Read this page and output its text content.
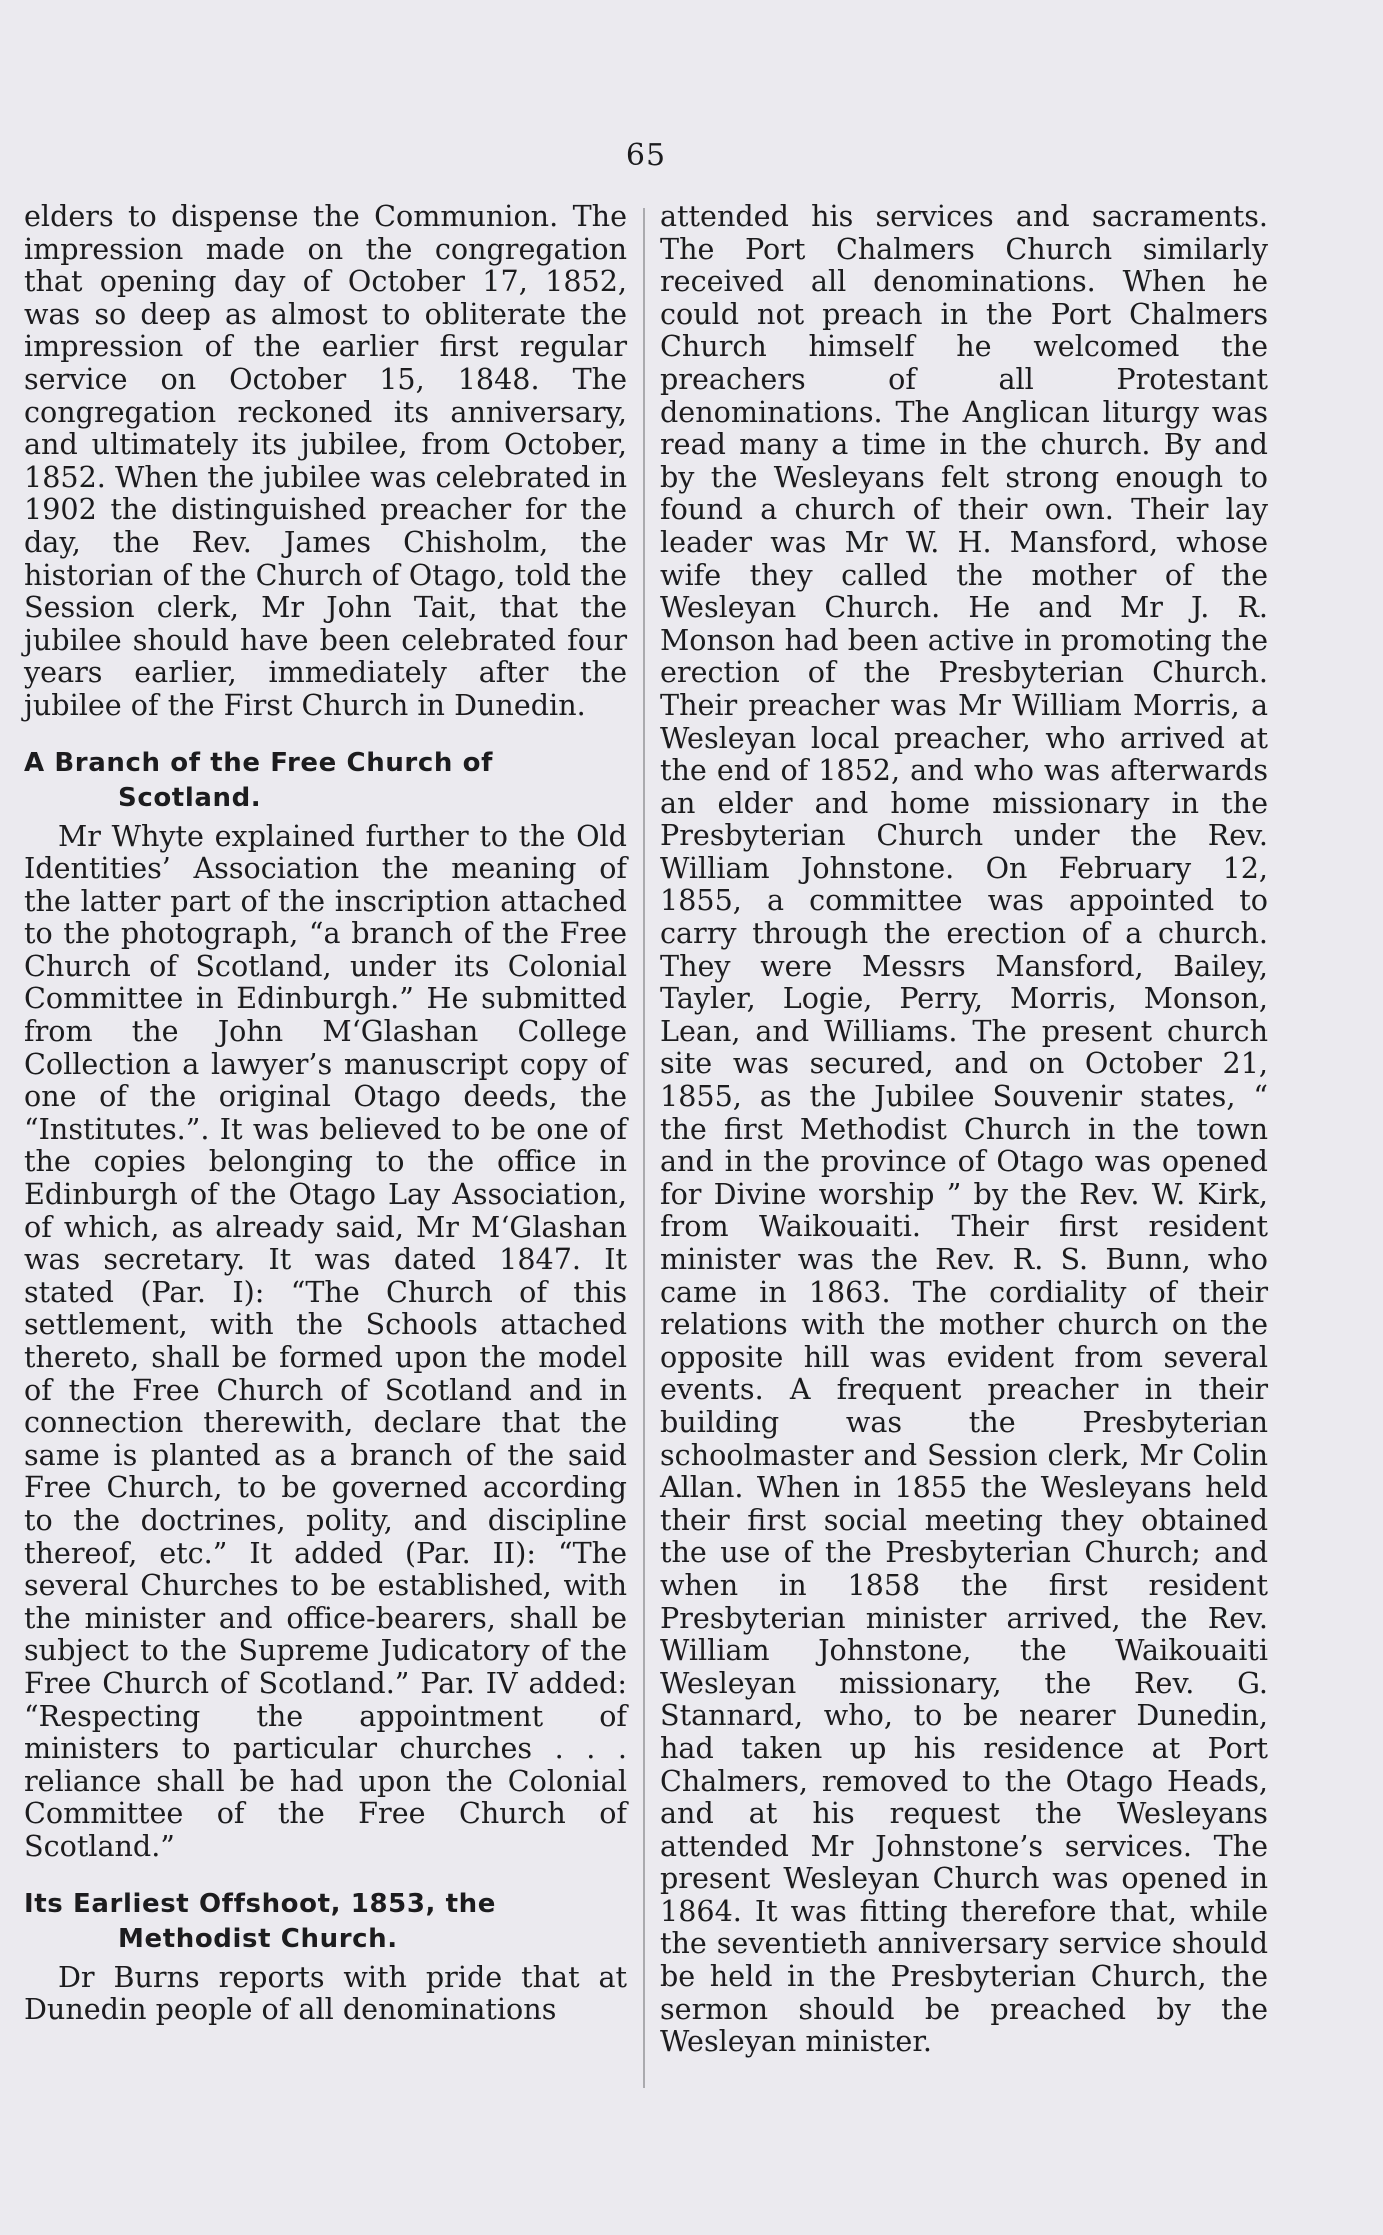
65

elders to dispense the Communion. The impression made on the congregation that opening day of October 17, 1852, was so deep as almost to obliterate the impression of the earlier first regular service on October 15, 1848. The congregation reckoned its anniversary, and ultimately its jubilee, from October, 1852. When the jubilee was celebrated in 1902 the distinguished preacher for the day, the Rev. James Chisholm, the historian of the Church of Otago, told the Session clerk, Mr John Tait, that the jubilee should have been celebrated four years earlier, immediately after the jubilee of the First Church in Dunedin.

A Branch of the Free Church of
Scotland.

Mr Whyte explained further to the Old Identities’ Association the meaning of the latter part of the inscription attached to the photograph, “a branch of the Free Church of Scotland, under its Colonial Committee in Edinburgh.” He submitted from the John M‘Glashan College Collection a lawyer’s manuscript copy of one of the original Otago deeds, the “Institutes.”. It was believed to be one of the copies belonging to the office in Edinburgh of the Otago Lay Association, of which, as already said, Mr M‘Glashan was secretary. It was dated 1847. It stated (Par. I): “The Church of this settlement, with the Schools attached thereto, shall be formed upon the model of the Free Church of Scotland and in connection therewith, declare that the same is planted as a branch of the said Free Church, to be governed according to the doctrines, polity, and discipline thereof, etc.” It added (Par. II): “The several Churches to be established, with the minister and office-bearers, shall be subject to the Supreme Judicatory of the Free Church of Scotland.” Par. IV added: “Respecting the appointment of ministers to particular churches . . . reliance shall be had upon the Colonial Committee of the Free Church of Scotland.”

Its Earliest Offshoot, 1853, the
Methodist Church.

Dr Burns reports with pride that at Dunedin people of all denominations

attended his services and sacraments. The Port Chalmers Church similarly received all denominations. When he could not preach in the Port Chalmers Church himself he welcomed the preachers of all Protestant denominations. The Anglican liturgy was read many a time in the church. By and by the Wesleyans felt strong enough to found a church of their own. Their lay leader was Mr W. H. Mansford, whose wife they called the mother of the Wesleyan Church. He and Mr J. R. Monson had been active in promoting the erection of the Presbyterian Church. Their preacher was Mr William Morris, a Wesleyan local preacher, who arrived at the end of 1852, and who was afterwards an elder and home missionary in the Presbyterian Church under the Rev. William Johnstone. On February 12, 1855, a committee was appointed to carry through the erection of a church. They were Messrs Mansford, Bailey, Tayler, Logie, Perry, Morris, Monson, Lean, and Williams. The present church site was secured, and on October 21, 1855, as the Jubilee Souvenir states, “ the first Methodist Church in the town and in the province of Otago was opened for Divine worship ” by the Rev. W. Kirk, from Waikouaiti. Their first resident minister was the Rev. R. S. Bunn, who came in 1863. The cordiality of their relations with the mother church on the opposite hill was evident from several events. A frequent preacher in their building was the Presbyterian schoolmaster and Session clerk, Mr Colin Allan. When in 1855 the Wesleyans held their first social meeting they obtained the use of the Presbyterian Church; and when in 1858 the first resident Presbyterian minister arrived, the Rev. William Johnstone, the Waikouaiti Wesleyan missionary, the Rev. G. Stannard, who, to be nearer Dunedin, had taken up his residence at Port Chalmers, removed to the Otago Heads, and at his request the Wesleyans attended Mr Johnstone’s services. The present Wesleyan Church was opened in 1864. It was fitting therefore that, while the seventieth anniversary service should be held in the Presbyterian Church, the sermon should be preached by the Wesleyan minister.
